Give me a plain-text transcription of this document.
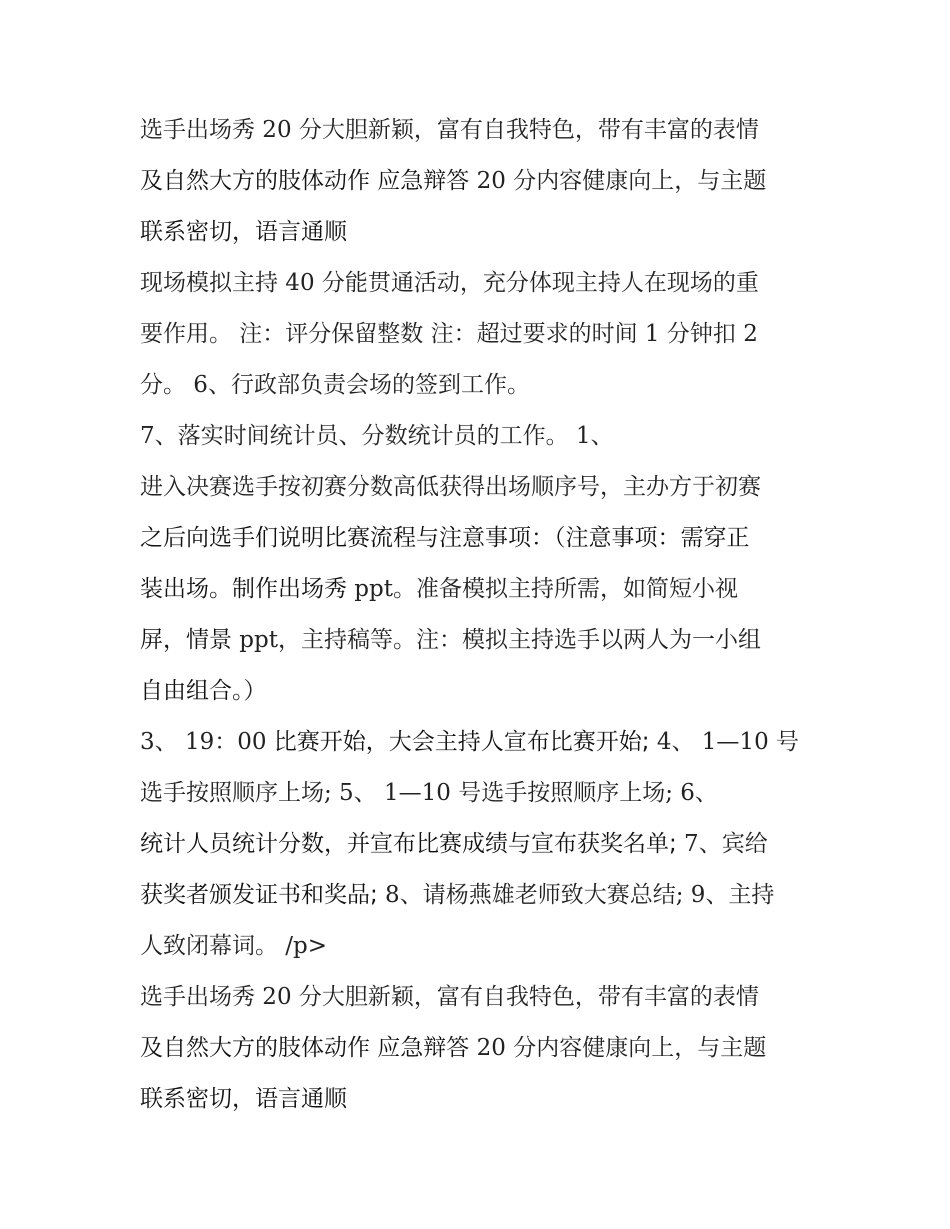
选手出场秀 20 分大胆新颖，富有自我特色，带有丰富的表情
及自然大方的肢体动作 应急辩答 20 分内容健康向上，与主题
联系密切，语言通顺
现场模拟主持 40 分能贯通活动，充分体现主持人在现场的重
要作用。 注：评分保留整数 注：超过要求的时间 1 分钟扣 2
分。 6、行政部负责会场的签到工作。
7、落实时间统计员、分数统计员的工作。 1、
进入决赛选手按初赛分数高低获得出场顺序号，主办方于初赛
之后向选手们说明比赛流程与注意事项：（注意事项：需穿正
装出场。制作出场秀 ppt。准备模拟主持所需，如简短小视
屏，情景 ppt，主持稿等。注：模拟主持选手以两人为一小组
自由组合。）
3、 19：00 比赛开始，大会主持人宣布比赛开始; 4、 1—10 号
选手按照顺序上场; 5、 1—10 号选手按照顺序上场; 6、
统计人员统计分数，并宣布比赛成绩与宣布获奖名单; 7、宾给
获奖者颁发证书和奖品; 8、请杨燕雄老师致大赛总结; 9、主持
人致闭幕词。 /p>
选手出场秀 20 分大胆新颖，富有自我特色，带有丰富的表情
及自然大方的肢体动作 应急辩答 20 分内容健康向上，与主题
联系密切，语言通顺
